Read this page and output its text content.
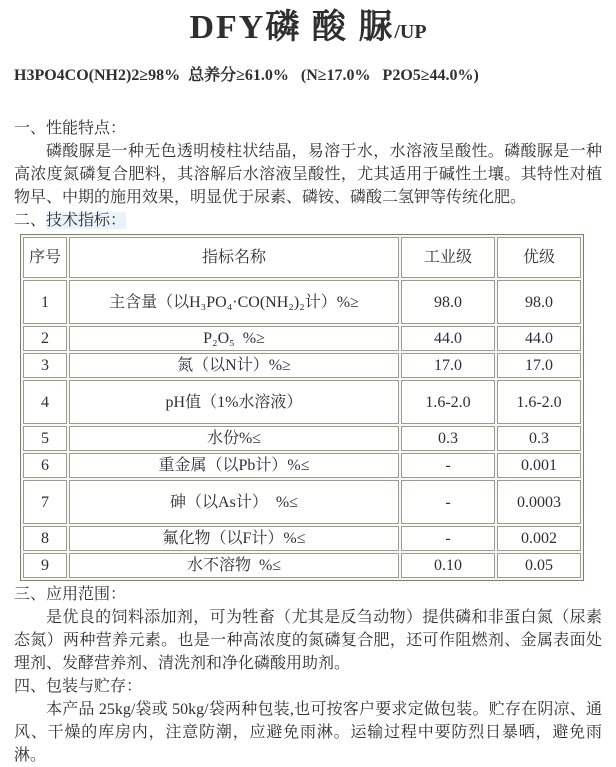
DFY磷 酸 脲/UP

H3PO4CO(NH2)2≥98%  总养分≥61.0%   (N≥17.0%   P2O5≥44.0%)

一、性能特点：

磷酸脲是一种无色透明棱柱状结晶，易溶于水，水溶液呈酸性。磷酸脲是一种高浓度氮磷复合肥料，其溶解后水溶液呈酸性，尤其适用于碱性土壤。其特性对植物早、中期的施用效果，明显优于尿素、磷铵、磷酸二氢钾等传统化肥。

二、技术指标：

序号	指标名称	工业级	优级
1	主含量（以H₃PO₄·CO(NH₂)₂计）%≥	98.0	98.0
2	P₂O₅  %≥	44.0	44.0
3	氮（以N计）%≥	17.0	17.0
4	pH值（1%水溶液）	1.6-2.0	1.6-2.0
5	水份%≤	0.3	0.3
6	重金属（以Pb计）%≤	-	0.001
7	砷（以As计）  %≤	-	0.0003
8	氟化物（以F计）%≤	-	0.002
9	水不溶物  %≤	0.10	0.05

三、应用范围：

是优良的饲料添加剂，可为牲畜（尤其是反刍动物）提供磷和非蛋白氮（尿素态氮）两种营养元素。也是一种高浓度的氮磷复合肥，还可作阻燃剂、金属表面处理剂、发酵营养剂、清洗剂和净化磷酸用助剂。

四、包装与贮存：

本产品 25kg/袋或 50kg/袋两种包装,也可按客户要求定做包装。贮存在阴凉、通风、干燥的库房内，注意防潮，应避免雨淋。运输过程中要防烈日暴晒，避免雨淋。
